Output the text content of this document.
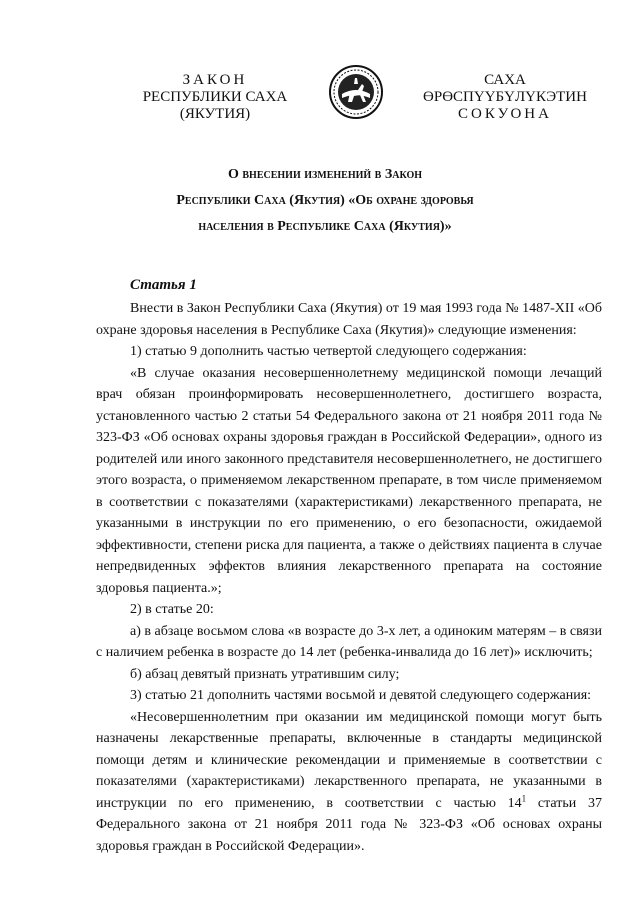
ЗАКОН
РЕСПУБЛИКИ САХА (ЯКУТИЯ)
САХА ӨРӨСПYYБYЛYКЭТИН
СОКУОНА
О внесении изменений в Закон
Республики Саха (Якутия) «Об охране здоровья
населения в Республике Саха (Якутия)»
Статья 1

Внести в Закон Республики Саха (Якутия) от 19 мая 1993 года № 1487-XII «Об охране здоровья населения в Республике Саха (Якутия)» следующие изменения:

1) статью 9 дополнить частью четвертой следующего содержания:

«В случае оказания несовершеннолетнему медицинской помощи лечащий врач обязан проинформировать несовершеннолетнего, достигшего возраста, установленного частью 2 статьи 54 Федерального закона от 21 ноября 2011 года № 323-ФЗ «Об основах охраны здоровья граждан в Российской Федерации», одного из родителей или иного законного представителя несовершеннолетнего, не достигшего этого возраста, о применяемом лекарственном препарате, в том числе применяемом в соответствии с показателями (характеристиками) лекарственного препарата, не указанными в инструкции по его применению, о его безопасности, ожидаемой эффективности, степени риска для пациента, а также о действиях пациента в случае непредвиденных эффектов влияния лекарственного препарата на состояние здоровья пациента.»;

2) в статье 20:

а) в абзаце восьмом слова «в возрасте до 3-х лет, а одиноким матерям – в связи с наличием ребенка в возрасте до 14 лет (ребенка-инвалида до 16 лет)» исключить;

б) абзац девятый признать утратившим силу;

3) статью 21 дополнить частями восьмой и девятой следующего содержания:

«Несовершеннолетним при оказании им медицинской помощи могут быть назначены лекарственные препараты, включенные в стандарты медицинской помощи детям и клинические рекомендации и применяемые в соответствии с показателями (характеристиками) лекарственного препарата, не указанными в инструкции по его применению, в соответствии с частью $14^1$ статьи 37 Федерального закона от 21 ноября 2011 года № 323-ФЗ «Об основах охраны здоровья граждан в Российской Федерации».
